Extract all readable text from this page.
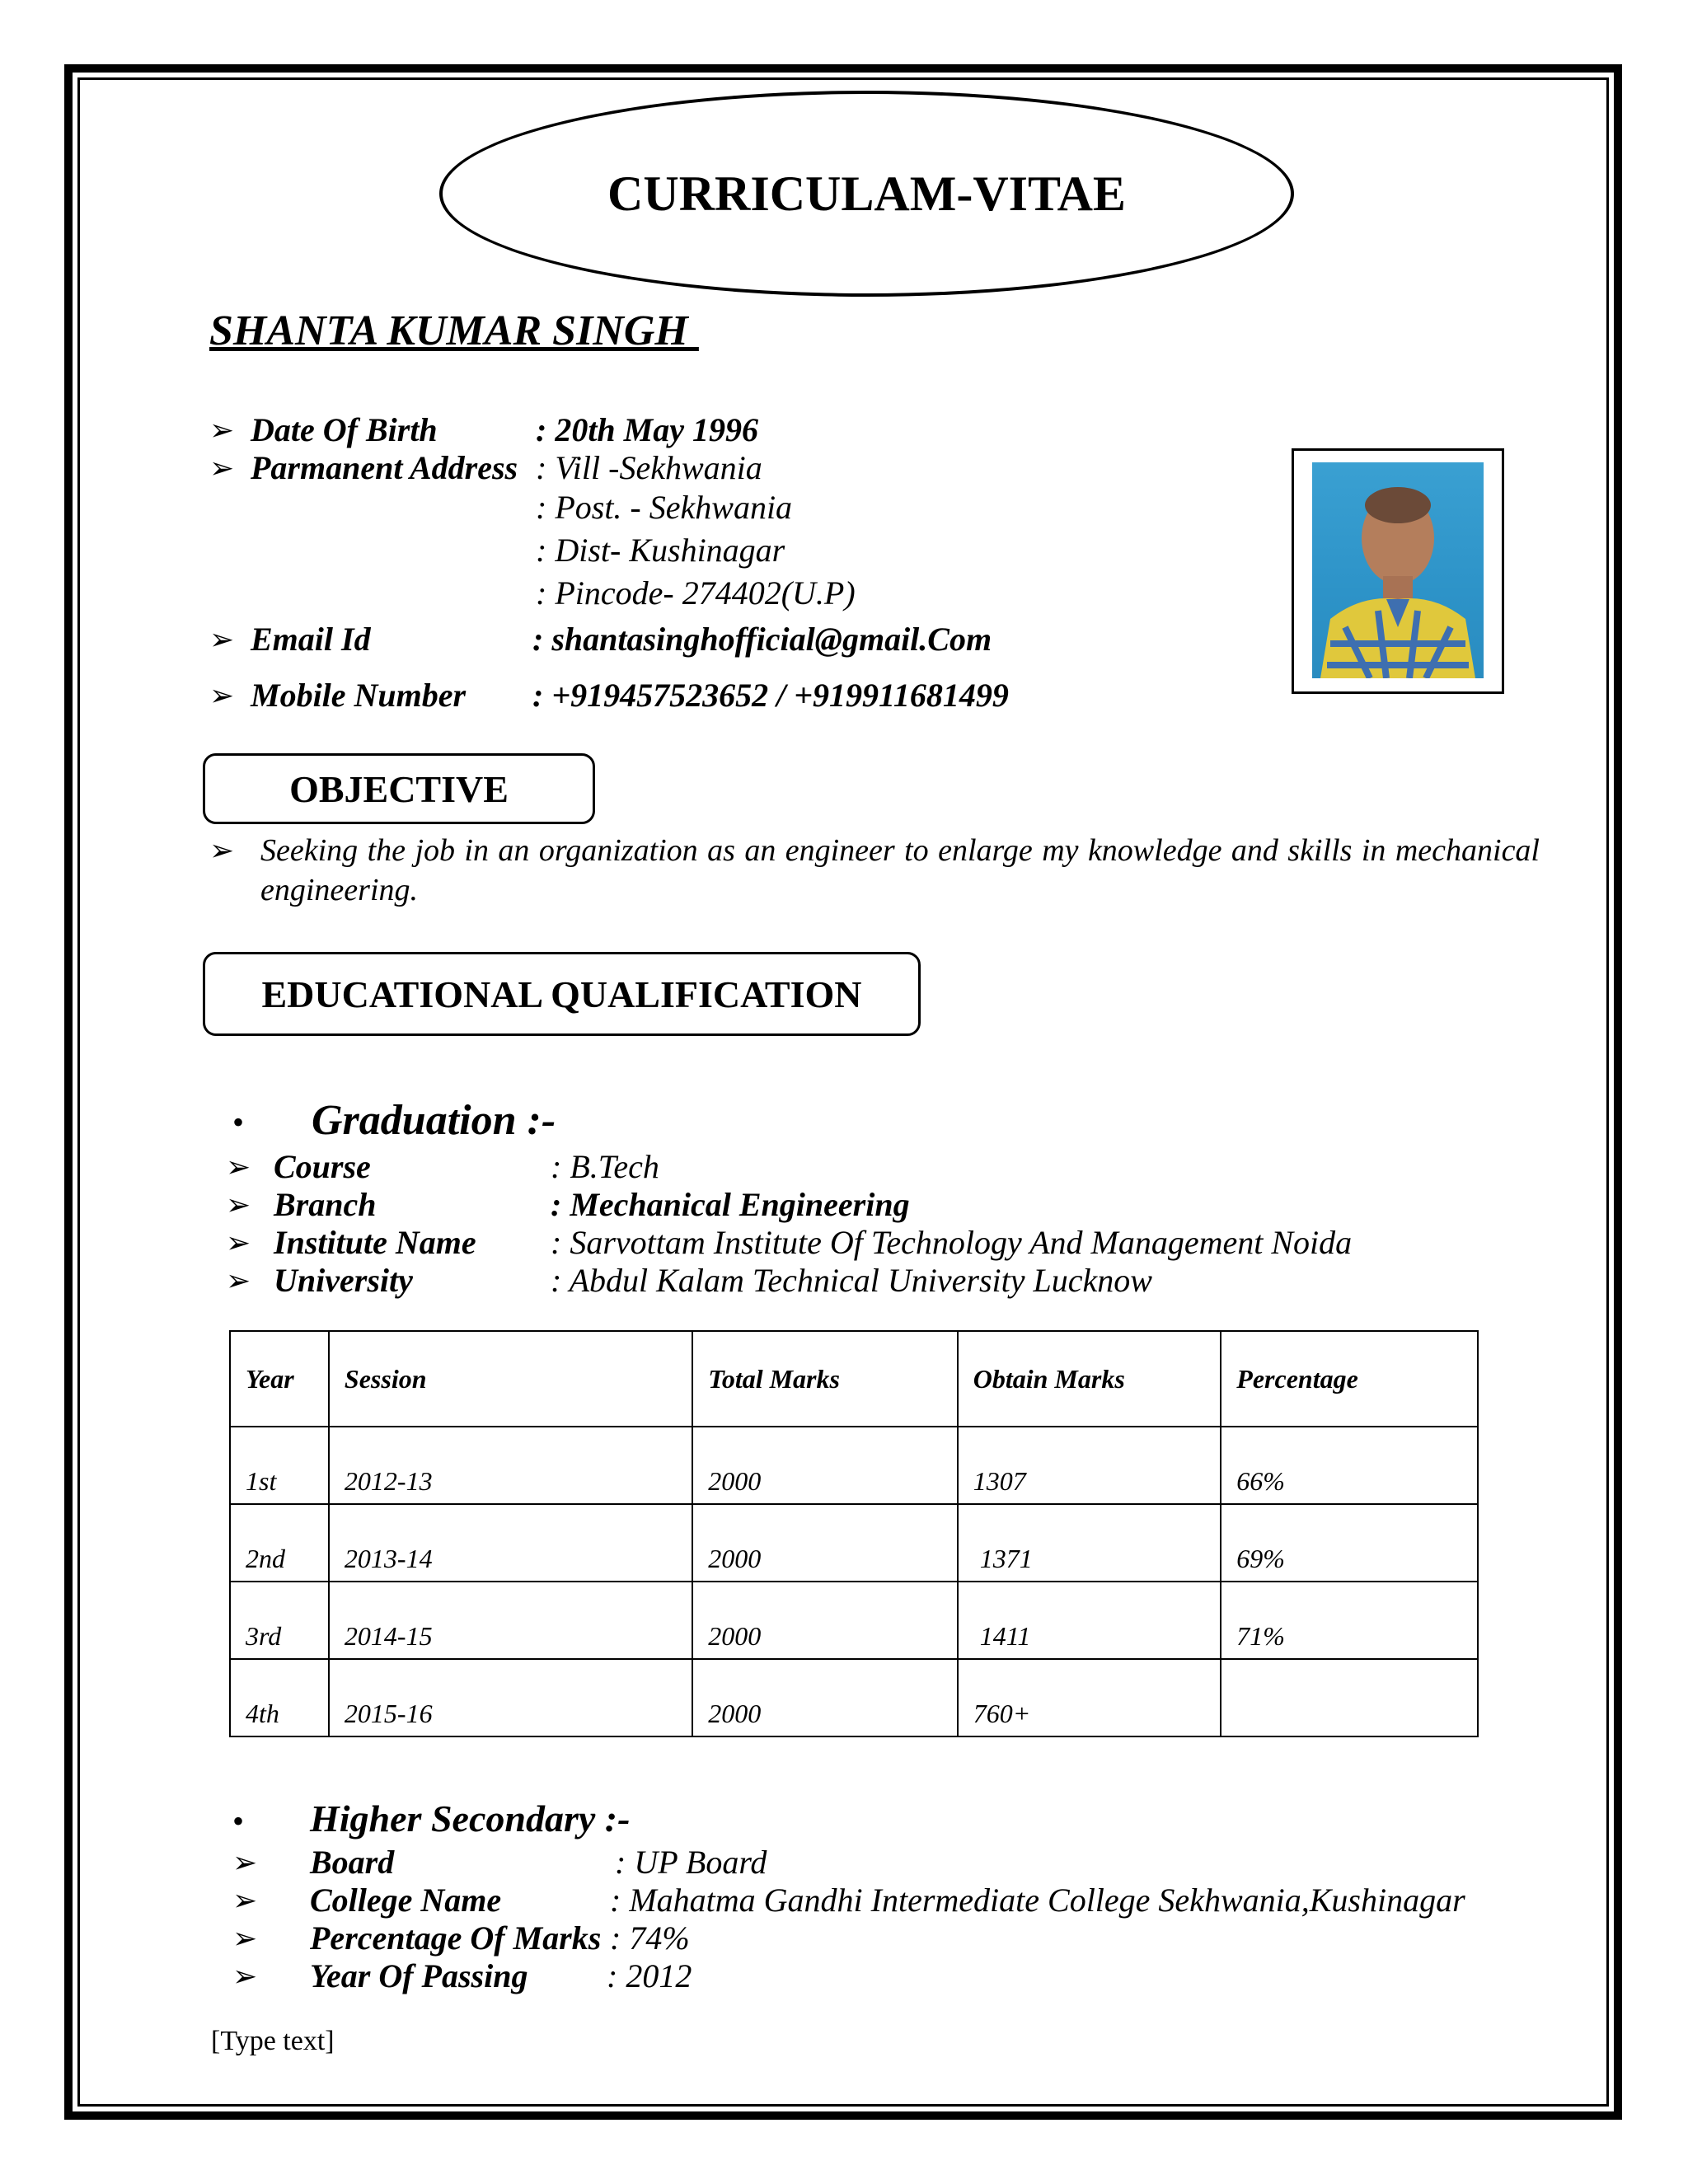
CURRICULAM-VITAE
SHANTA KUMAR SINGH
➢ Date Of Birth	: 20th May 1996
➢ Parmanent Address : Vill -Sekhwania
: Post. - Sekhwania
: Dist- Kushinagar
: Pincode- 274402(U.P)
➢ Email Id	: shantasinghofficial@gmail.Com
➢ Mobile Number : +919457523652 / +919911681499
OBJECTIVE
➢ Seeking the job in an organization as an engineer to enlarge my knowledge and skills in mechanical engineering.
EDUCATIONAL QUALIFICATION
• Graduation :-
➢ Course	: B.Tech
➢ Branch	: Mechanical Engineering
➢ Institute Name : Sarvottam Institute Of Technology And Management Noida
➢ University	: Abdul Kalam Technical University Lucknow
Year	Session	Total Marks	Obtain Marks	Percentage
1st	2012-13	2000	1307	66%
2nd	2013-14	2000	1371	69%
3rd	2014-15	2000	1411	71%
4th	2015-16	2000	760+	
• Higher Secondary :-
➢ Board	: UP Board
➢ College Name	: Mahatma Gandhi Intermediate College Sekhwania,Kushinagar
➢ Percentage Of Marks : 74%
➢ Year Of Passing : 2012
[Type text]
